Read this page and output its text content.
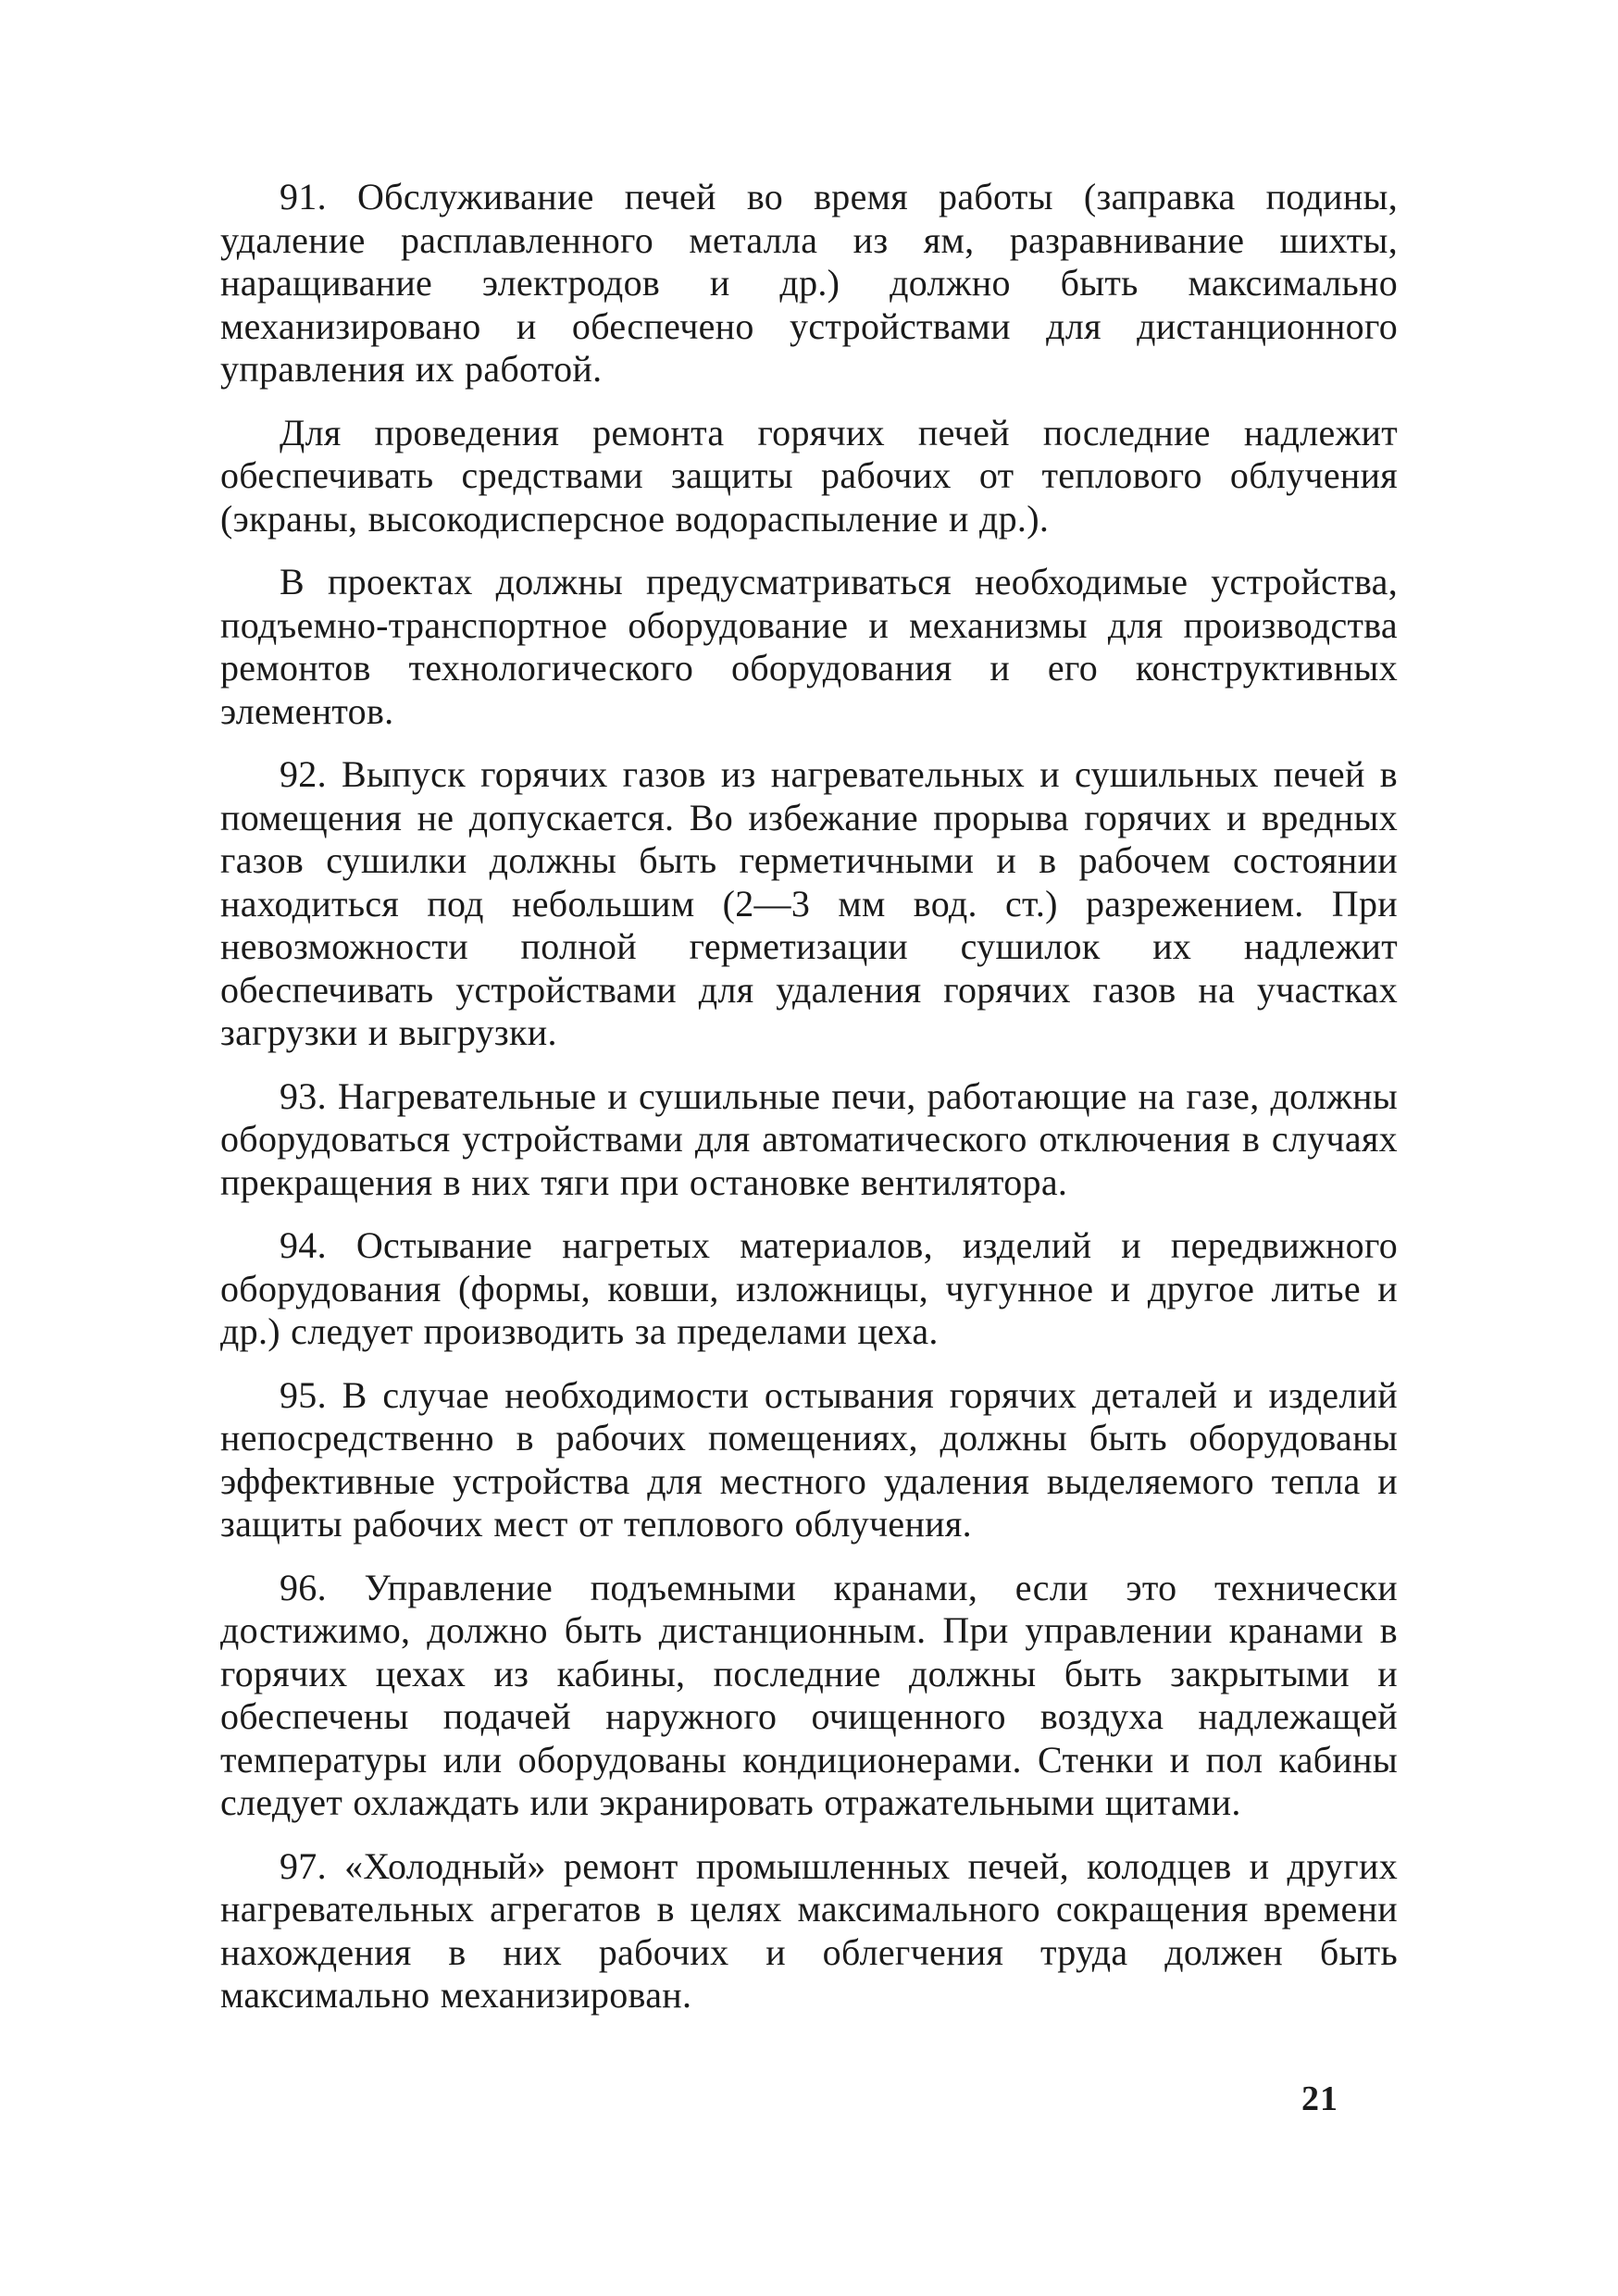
91. Обслуживание печей во время работы (заправка подины, удаление расплавленного металла из ям, разравнивание шихты, наращивание электродов и др.) должно быть максимально механизировано и обеспечено устройствами для дистанционного управления их работой.

Для проведения ремонта горячих печей последние надлежит обеспечивать средствами защиты рабочих от теплового облучения (экраны, высокодисперсное водораспыление и др.).

В проектах должны предусматриваться необходимые устройства, подъемно-транспортное оборудование и механизмы для производства ремонтов технологического оборудования и его конструктивных элементов.

92. Выпуск горячих газов из нагревательных и сушильных печей в помещения не допускается. Во избежание прорыва горячих и вредных газов сушилки должны быть герметичными и в рабочем состоянии находиться под небольшим (2—3 мм вод. ст.) разрежением. При невозможности полной герметизации сушилок их надлежит обеспечивать устройствами для удаления горячих газов на участках загрузки и выгрузки.

93. Нагревательные и сушильные печи, работающие на газе, должны оборудоваться устройствами для автоматического отключения в случаях прекращения в них тяги при остановке вентилятора.

94. Остывание нагретых материалов, изделий и передвижного оборудования (формы, ковши, изложницы, чугунное и другое литье и др.) следует производить за пределами цеха.

95. В случае необходимости остывания горячих деталей и изделий непосредственно в рабочих помещениях, должны быть оборудованы эффективные устройства для местного удаления выделяемого тепла и защиты рабочих мест от теплового облучения.

96. Управление подъемными кранами, если это технически достижимо, должно быть дистанционным. При управлении кранами в горячих цехах из кабины, последние должны быть закрытыми и обеспечены подачей наружного очищенного воздуха надлежащей температуры или оборудованы кондиционерами. Стенки и пол кабины следует охлаждать или экранировать отражательными щитами.

97. «Холодный» ремонт промышленных печей, колодцев и других нагревательных агрегатов в целях максимального сокращения времени нахождения в них рабочих и облегчения труда должен быть максимально механизирован.

21
